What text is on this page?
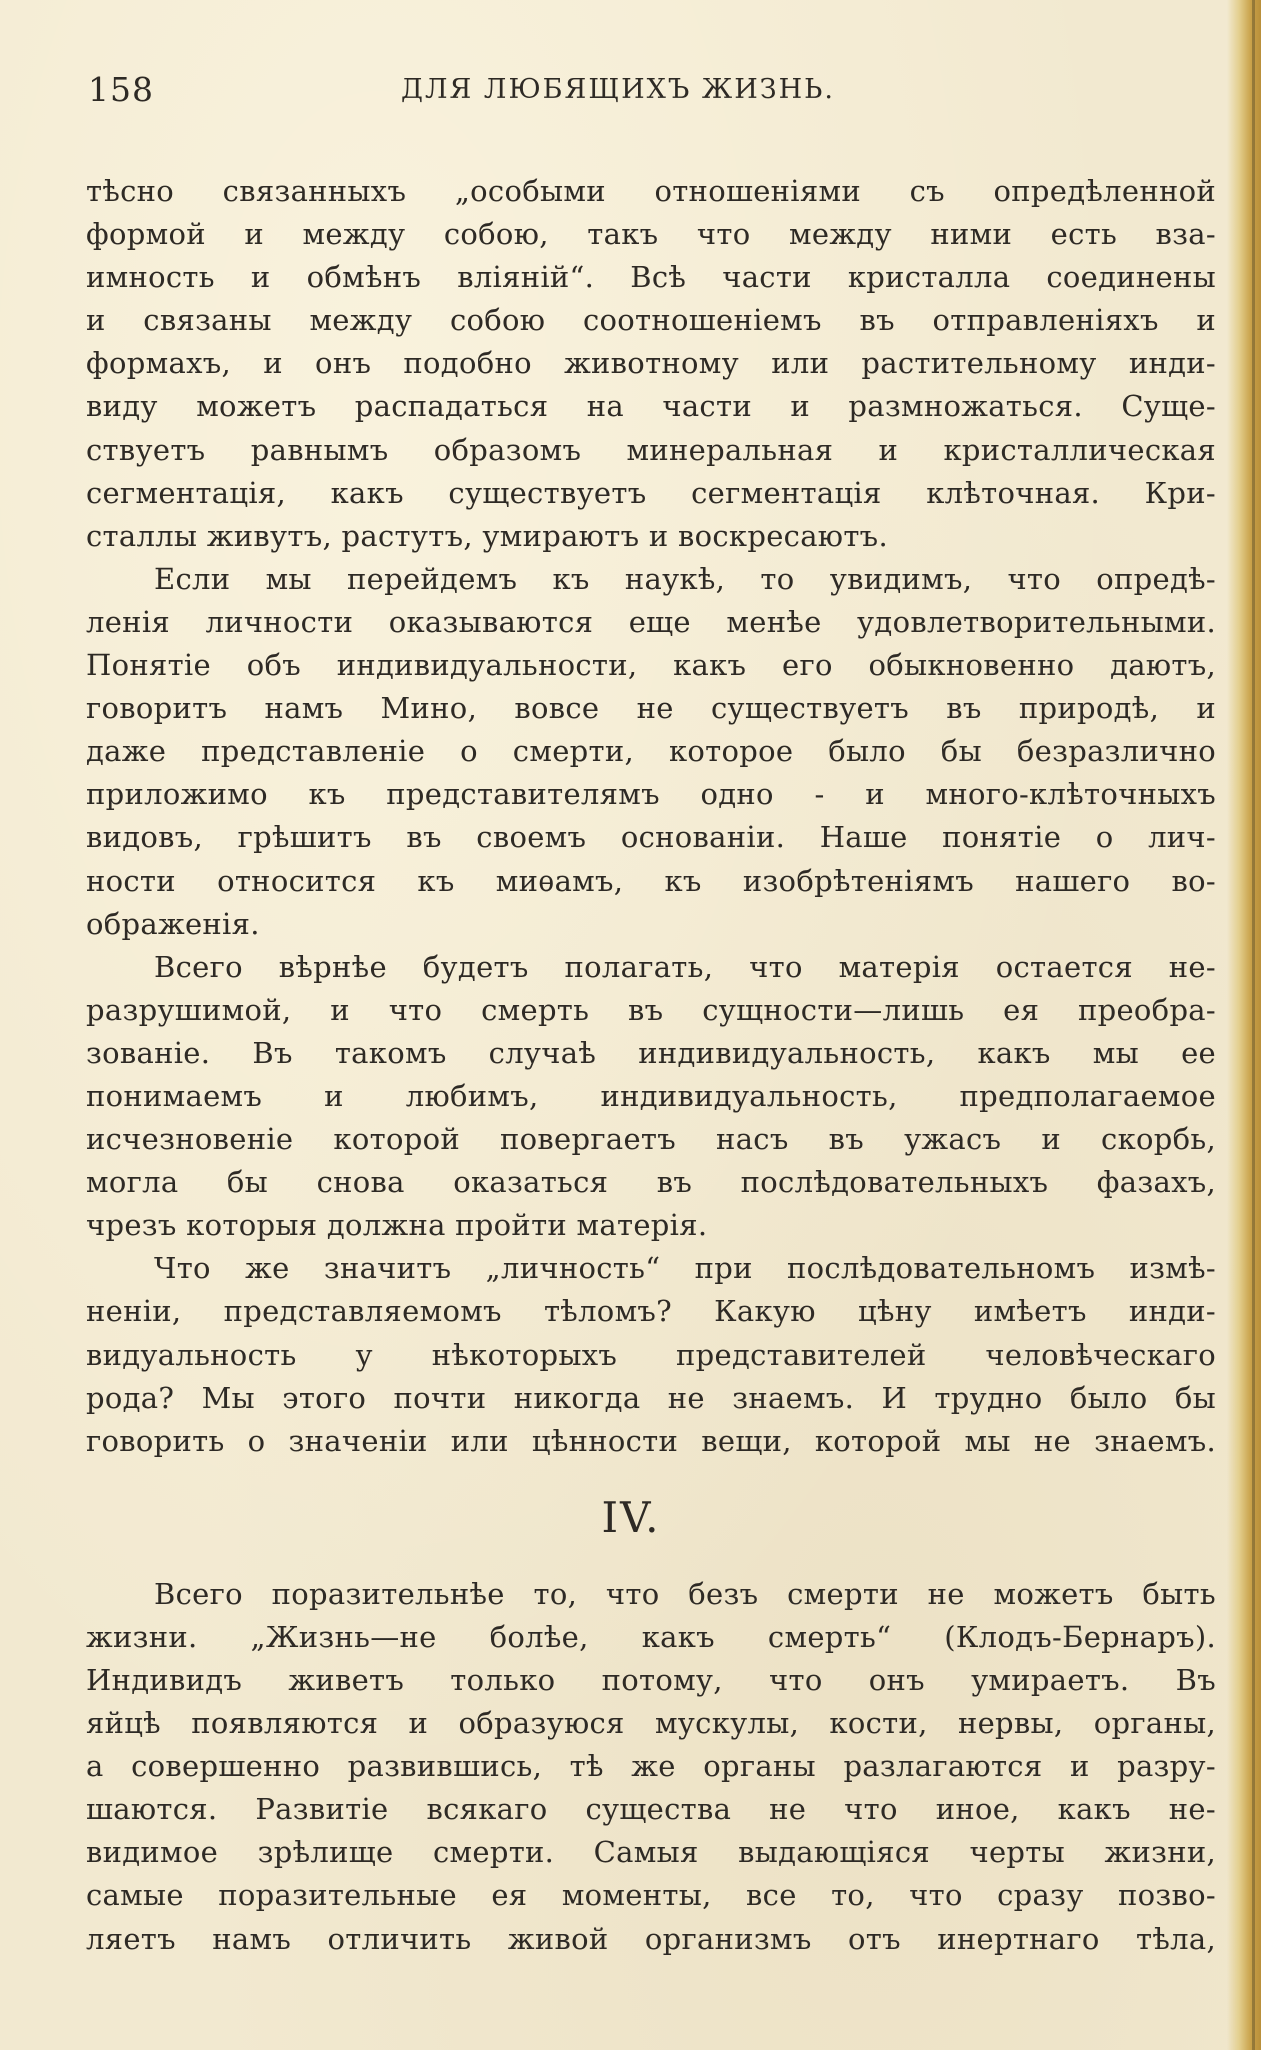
158	ДЛЯ ЛЮБЯЩИХЪ ЖИЗНЬ.
тѣсно связанныхъ „особыми отношеніями съ опредѣленной
формой и между собою, такъ что между ними есть вза-
имность и обмѣнъ вліяній“. Всѣ части кристалла соединены
и связаны между собою соотношеніемъ въ отправленіяхъ и
формахъ, и онъ подобно животному или растительному инди-
виду можетъ распадаться на части и размножаться. Суще-
ствуетъ равнымъ образомъ минеральная и кристаллическая
сегментація, какъ существуетъ сегментація клѣточная. Кри-
сталлы живутъ, растутъ, умираютъ и воскресаютъ.
Если мы перейдемъ къ наукѣ, то увидимъ, что опредѣ-
ленія личности оказываются еще менѣе удовлетворительными.
Понятіе объ индивидуальности, какъ его обыкновенно даютъ,
говоритъ намъ Мино, вовсе не существуетъ въ природѣ, и
даже представленіе о смерти, которое было бы безразлично
приложимо къ представителямъ одно - и много-клѣточныхъ
видовъ, грѣшитъ въ своемъ основаніи. Наше понятіе о лич-
ности относится къ миѳамъ, къ изобрѣтеніямъ нашего во-
ображенія.
Всего вѣрнѣе будетъ полагать, что матерія остается не-
разрушимой, и что смерть въ сущности—лишь ея преобра-
зованіе. Въ такомъ случаѣ индивидуальность, какъ мы ее
понимаемъ и любимъ, индивидуальность, предполагаемое
исчезновеніе которой повергаетъ насъ въ ужасъ и скорбь,
могла бы снова оказаться въ послѣдовательныхъ фазахъ,
чрезъ которыя должна пройти матерія.
Что же значитъ „личность“ при послѣдовательномъ измѣ-
неніи, представляемомъ тѣломъ? Какую цѣну имѣетъ инди-
видуальность у нѣкоторыхъ представителей человѣческаго
рода? Мы этого почти никогда не знаемъ. И трудно было бы
говорить о значеніи или цѣнности вещи, которой мы не знаемъ.
IV.
Всего поразительнѣе то, что безъ смерти не можетъ быть
жизни. „Жизнь—не болѣе, какъ смерть“ (Клодъ-Бернаръ).
Индивидъ живетъ только потому, что онъ умираетъ. Въ
яйцѣ появляются и образуюся мускулы, кости, нервы, органы,
а совершенно развившись, тѣ же органы разлагаются и разру-
шаются. Развитіе всякаго существа не что иное, какъ не-
видимое зрѣлище смерти. Самыя выдающіяся черты жизни,
самые поразительные ея моменты, все то, что сразу позво-
ляетъ намъ отличить живой организмъ отъ инертнаго тѣла,
